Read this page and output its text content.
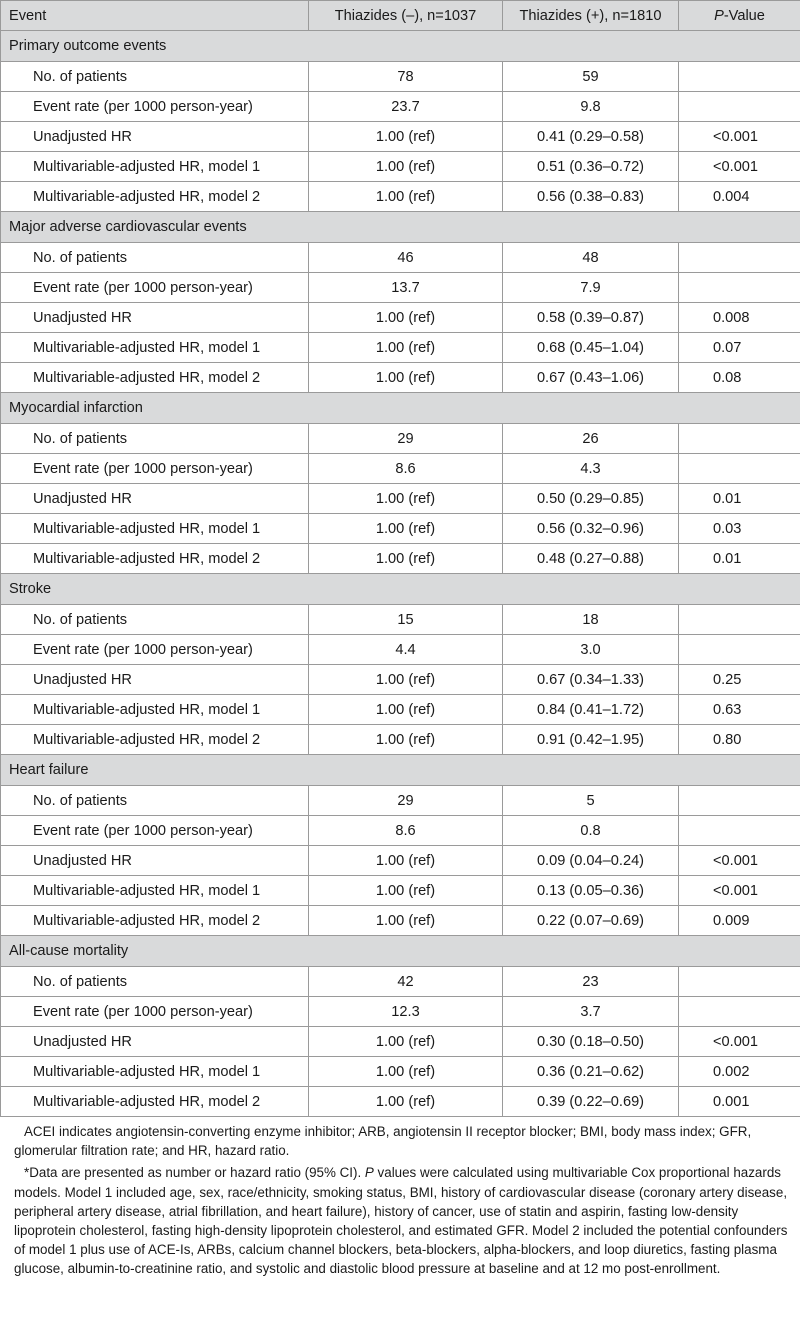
Event	Thiazides (–), n=1037	Thiazides (+), n=1810	P-Value
Primary outcome events			
No. of patients	78	59	
Event rate (per 1000 person-year)	23.7	9.8	
Unadjusted HR	1.00 (ref)	0.41 (0.29–0.58)	<0.001
Multivariable-adjusted HR, model 1	1.00 (ref)	0.51 (0.36–0.72)	<0.001
Multivariable-adjusted HR, model 2	1.00 (ref)	0.56 (0.38–0.83)	0.004
Major adverse cardiovascular events			
No. of patients	46	48	
Event rate (per 1000 person-year)	13.7	7.9	
Unadjusted HR	1.00 (ref)	0.58 (0.39–0.87)	0.008
Multivariable-adjusted HR, model 1	1.00 (ref)	0.68 (0.45–1.04)	0.07
Multivariable-adjusted HR, model 2	1.00 (ref)	0.67 (0.43–1.06)	0.08
Myocardial infarction			
No. of patients	29	26	
Event rate (per 1000 person-year)	8.6	4.3	
Unadjusted HR	1.00 (ref)	0.50 (0.29–0.85)	0.01
Multivariable-adjusted HR, model 1	1.00 (ref)	0.56 (0.32–0.96)	0.03
Multivariable-adjusted HR, model 2	1.00 (ref)	0.48 (0.27–0.88)	0.01
Stroke			
No. of patients	15	18	
Event rate (per 1000 person-year)	4.4	3.0	
Unadjusted HR	1.00 (ref)	0.67 (0.34–1.33)	0.25
Multivariable-adjusted HR, model 1	1.00 (ref)	0.84 (0.41–1.72)	0.63
Multivariable-adjusted HR, model 2	1.00 (ref)	0.91 (0.42–1.95)	0.80
Heart failure			
No. of patients	29	5	
Event rate (per 1000 person-year)	8.6	0.8	
Unadjusted HR	1.00 (ref)	0.09 (0.04–0.24)	<0.001
Multivariable-adjusted HR, model 1	1.00 (ref)	0.13 (0.05–0.36)	<0.001
Multivariable-adjusted HR, model 2	1.00 (ref)	0.22 (0.07–0.69)	0.009
All-cause mortality			
No. of patients	42	23	
Event rate (per 1000 person-year)	12.3	3.7	
Unadjusted HR	1.00 (ref)	0.30 (0.18–0.50)	<0.001
Multivariable-adjusted HR, model 1	1.00 (ref)	0.36 (0.21–0.62)	0.002
Multivariable-adjusted HR, model 2	1.00 (ref)	0.39 (0.22–0.69)	0.001

ACEI indicates angiotensin-converting enzyme inhibitor; ARB, angiotensin II receptor blocker; BMI, body mass index; GFR, glomerular filtration rate; and HR, hazard ratio.

*Data are presented as number or hazard ratio (95% CI). P values were calculated using multivariable Cox proportional hazards models. Model 1 included age, sex, race/ethnicity, smoking status, BMI, history of cardiovascular disease (coronary artery disease, peripheral artery disease, atrial fibrillation, and heart failure), history of cancer, use of statin and aspirin, fasting low-density lipoprotein cholesterol, fasting high-density lipoprotein cholesterol, and estimated GFR. Model 2 included the potential confounders of model 1 plus use of ACE-Is, ARBs, calcium channel blockers, beta-blockers, alpha-blockers, and loop diuretics, fasting plasma glucose, albumin-to-creatinine ratio, and systolic and diastolic blood pressure at baseline and at 12 mo post-enrollment.
